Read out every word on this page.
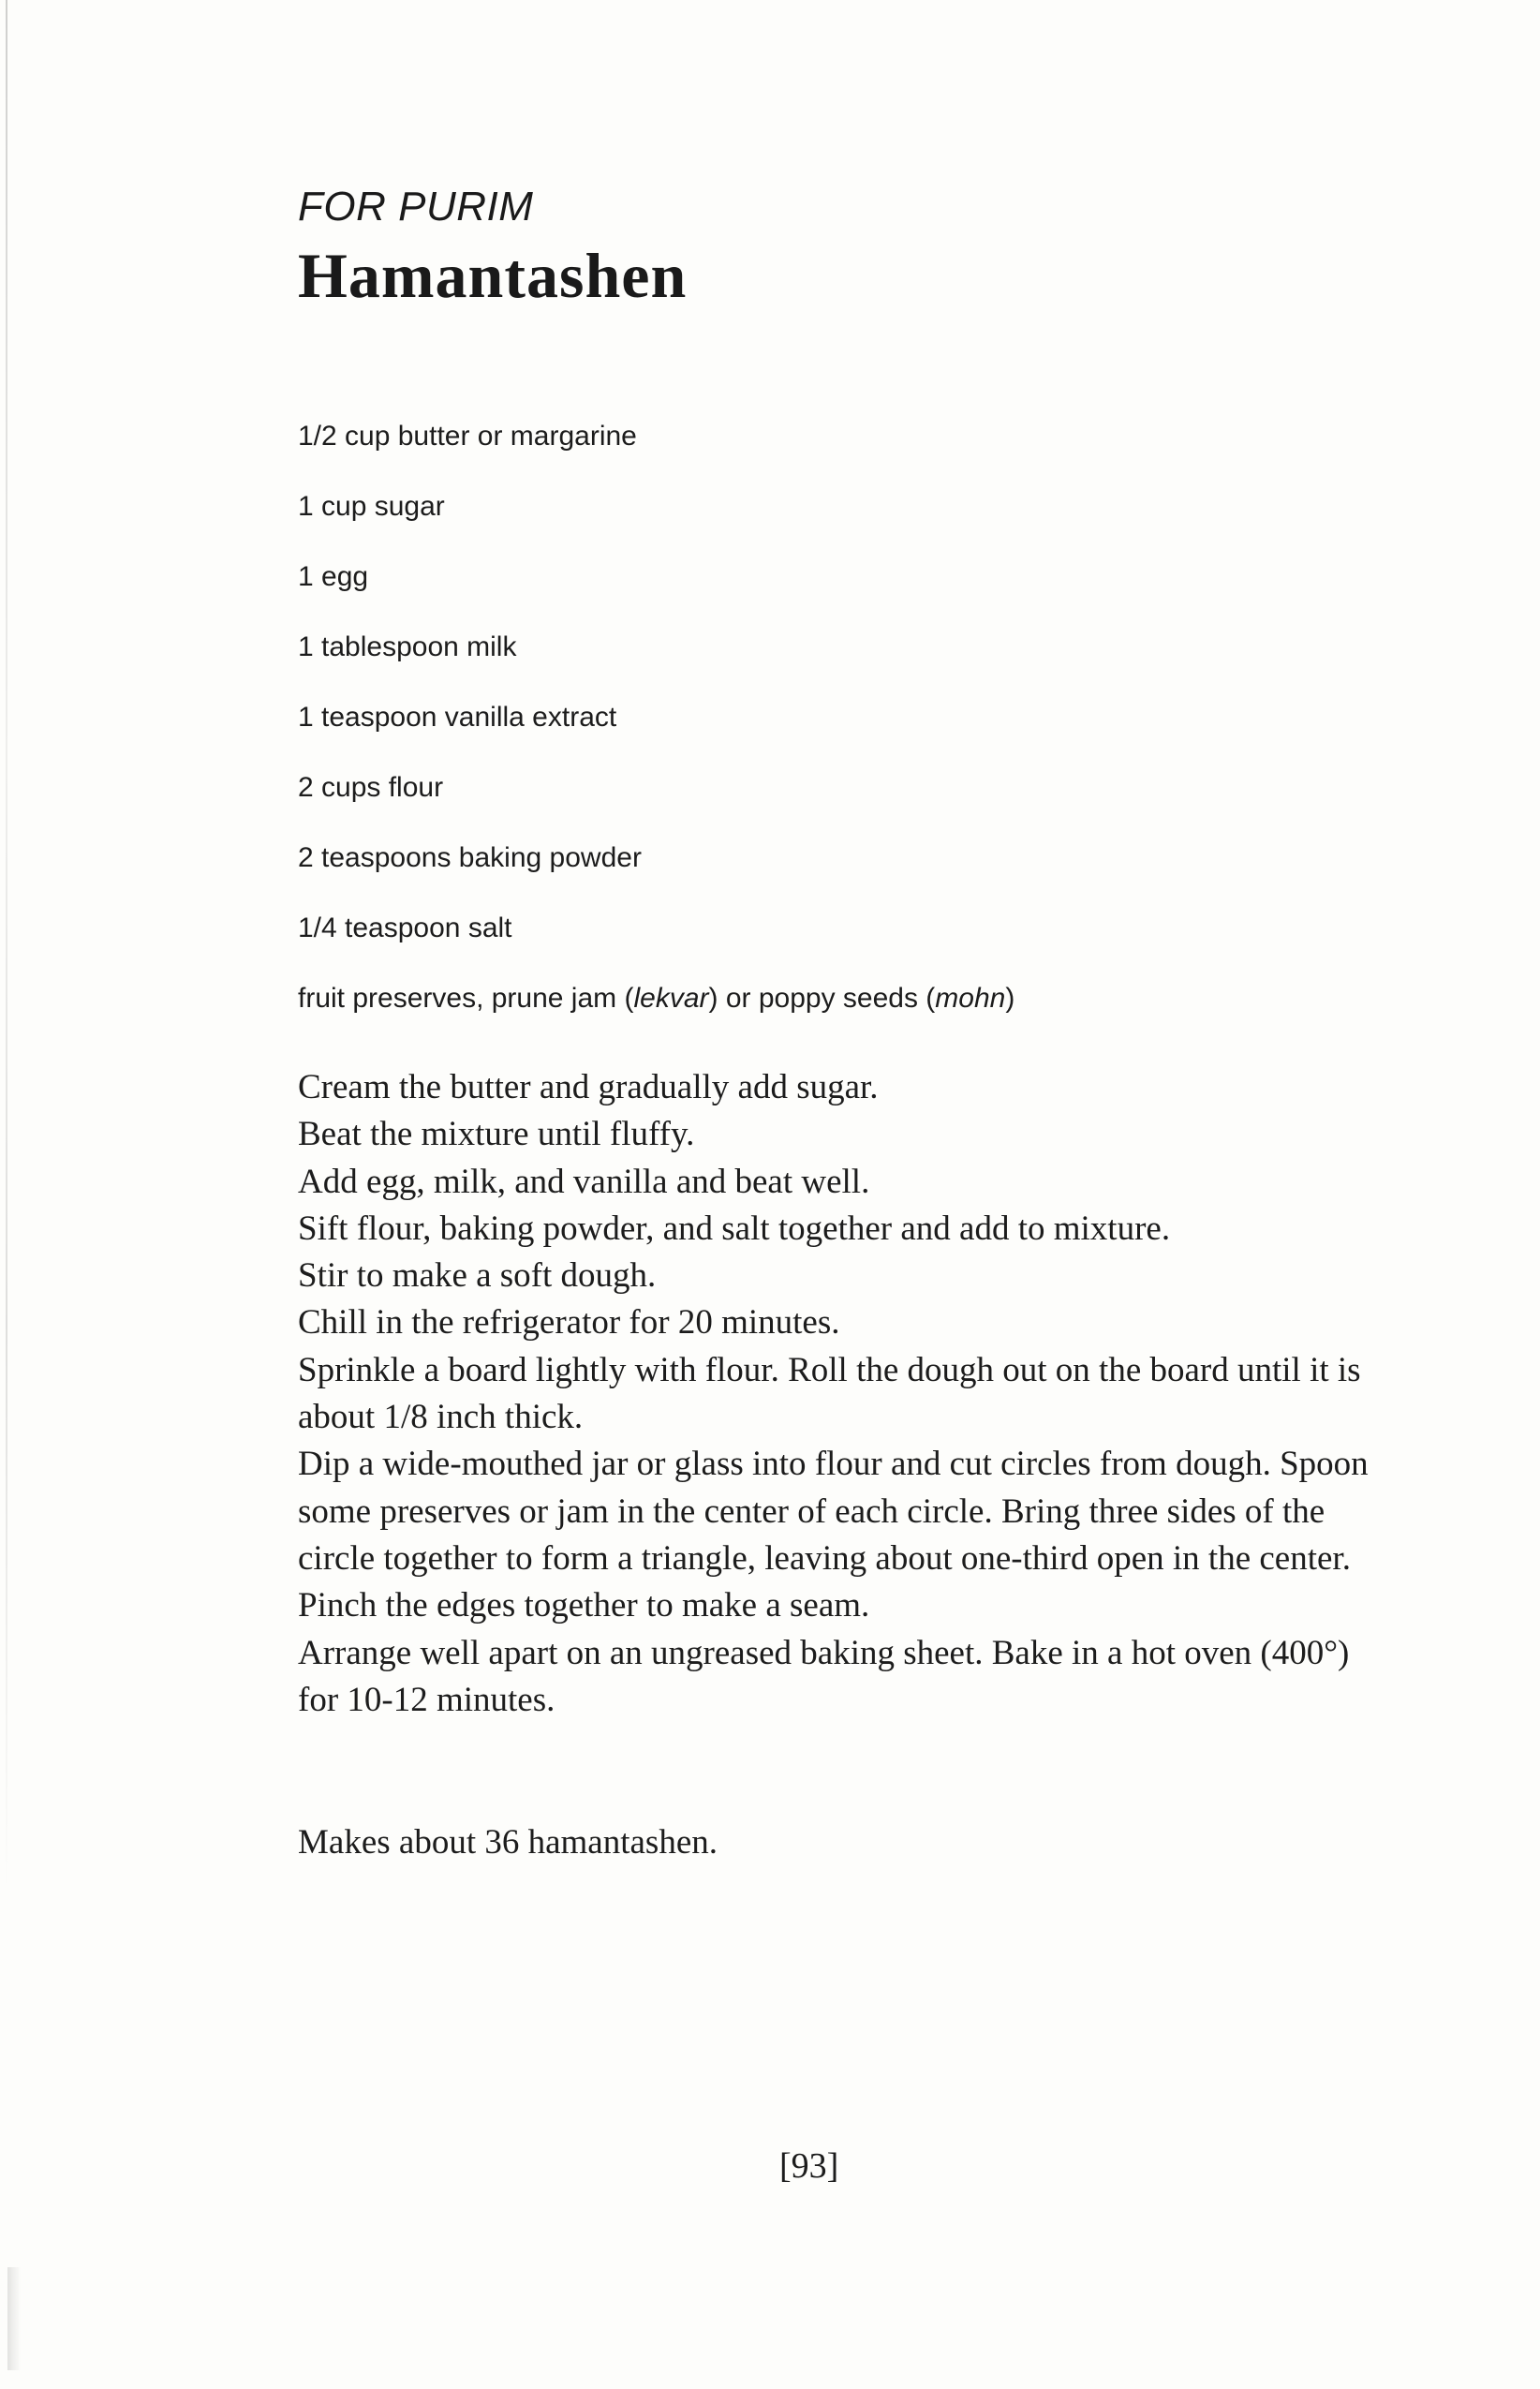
FOR PURIM
Hamantashen
1/2 cup butter or margarine
1 cup sugar
1 egg
1 tablespoon milk
1 teaspoon vanilla extract
2 cups flour
2 teaspoons baking powder
1/4 teaspoon salt
fruit preserves, prune jam (lekvar) or poppy seeds (mohn)
Cream the butter and gradually add sugar.
Beat the mixture until fluffy.
Add egg, milk, and vanilla and beat well.
Sift flour, baking powder, and salt together and add to mixture.
Stir to make a soft dough.
Chill in the refrigerator for 20 minutes.
Sprinkle a board lightly with flour. Roll the dough out on the board until it is about 1/8 inch thick.
Dip a wide-mouthed jar or glass into flour and cut circles from dough. Spoon some preserves or jam in the center of each circle. Bring three sides of the circle together to form a triangle, leaving about one-third open in the center. Pinch the edges together to make a seam.
Arrange well apart on an ungreased baking sheet. Bake in a hot oven (400°) for 10-12 minutes.
Makes about 36 hamantashen.
[93]
